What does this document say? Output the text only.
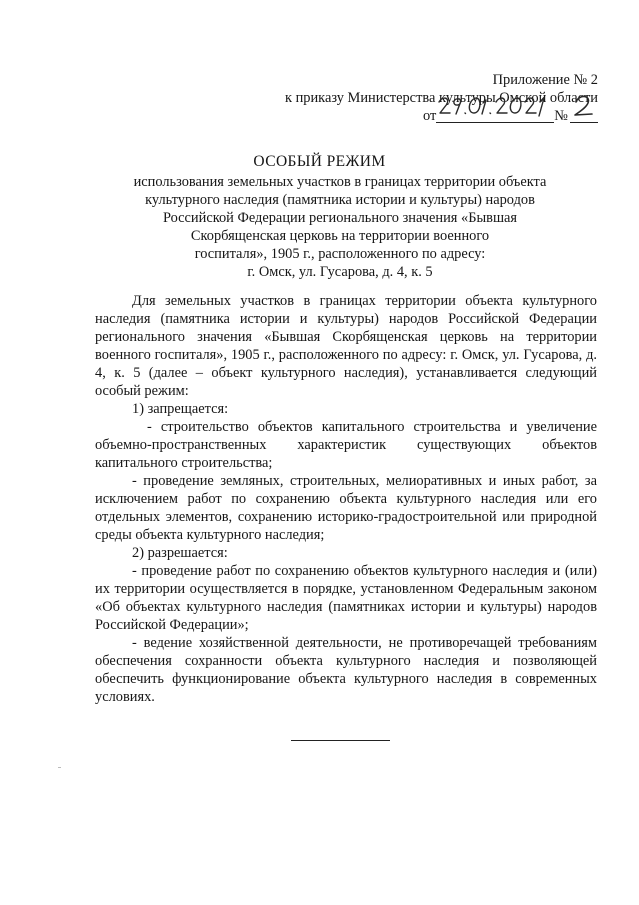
Приложение № 2
к приказу Министерства культуры Омской области
от	№
ОСОБЫЙ РЕЖИМ
использования земельных участков в границах территории объекта
культурного наследия (памятника истории и культуры) народов
Российской Федерации регионального значения «Бывшая
Скорбященская церковь на территории военного
госпиталя», 1905 г., расположенного по адресу:
г. Омск, ул. Гусарова, д. 4, к. 5

Для земельных участков в границах территории объекта культурного наследия (памятника истории и культуры) народов Российской Федерации регионального значения «Бывшая Скорбященская церковь на территории военного госпиталя», 1905 г., расположенного по адресу: г. Омск, ул. Гусарова, д. 4, к. 5 (далее – объект культурного наследия), устанавливается следующий особый режим:

1) запрещается:

- строительство объектов капитального строительства и увеличение объемно-пространственных характеристик существующих объектов капитального строительства;

- проведение земляных, строительных, мелиоративных и иных работ, за исключением работ по сохранению объекта культурного наследия или его отдельных элементов, сохранению историко-градостроительной или природной среды объекта культурного наследия;

2) разрешается:

- проведение работ по сохранению объектов культурного наследия и (или) их территории осуществляется в порядке, установленном Федеральным законом «Об объектах культурного наследия (памятниках истории и культуры) народов Российской Федерации»;

- ведение хозяйственной деятельности, не противоречащей требованиям обеспечения сохранности объекта культурного наследия и позволяющей обеспечить функционирование объекта культурного наследия в современных условиях.
